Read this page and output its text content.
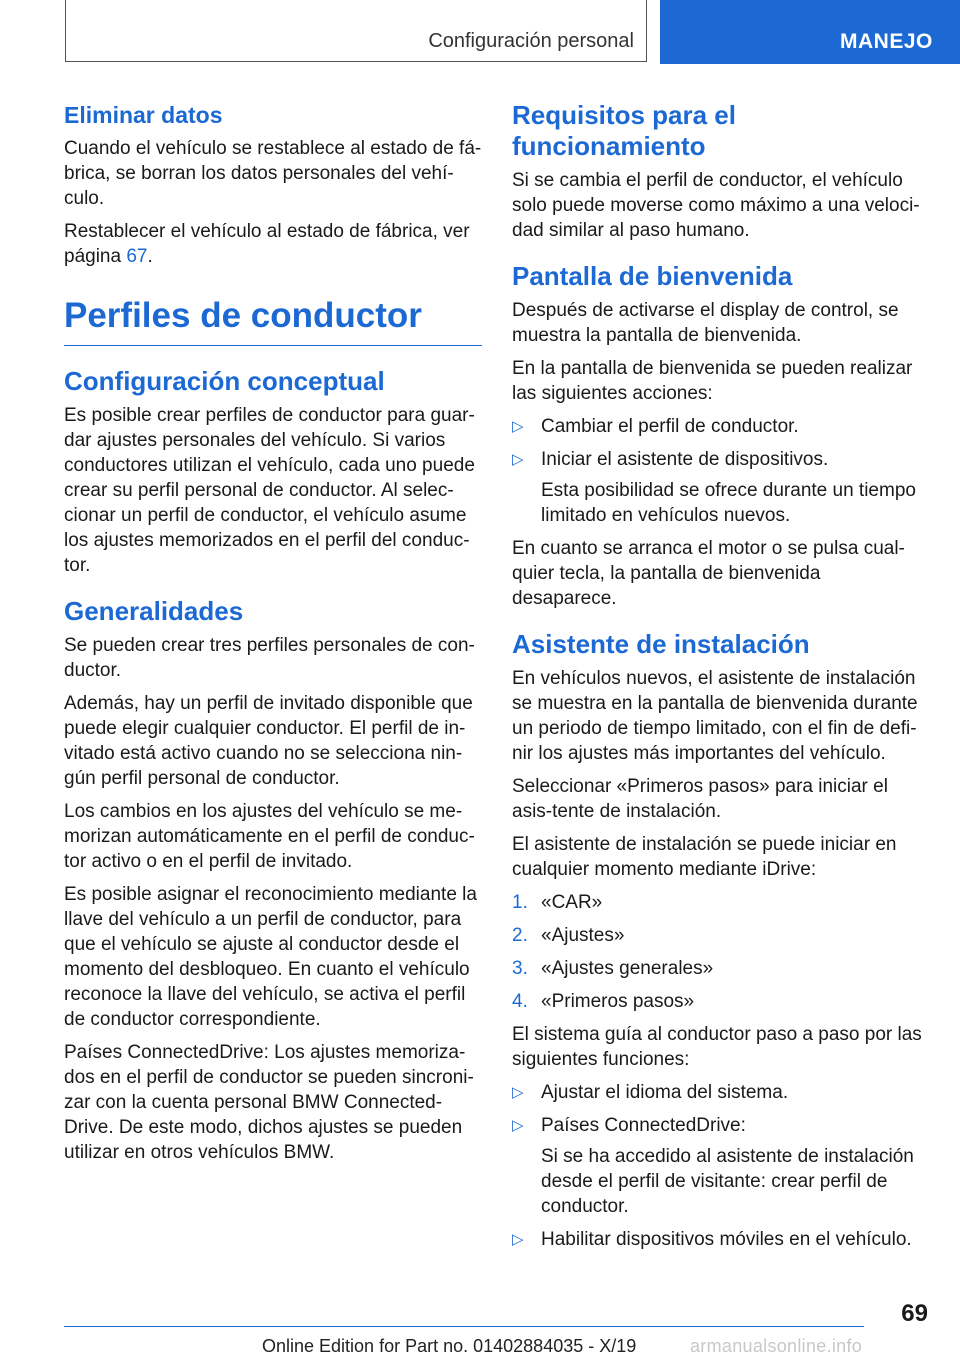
Configuración personal	MANEJO
Eliminar datos

Cuando el vehículo se restablece al estado de fá-brica, se borran los datos personales del vehí-culo.

Restablecer el vehículo al estado de fábrica, ver página 67.

Perfiles de conductor
Configuración conceptual

Es posible crear perfiles de conductor para guar-dar ajustes personales del vehículo. Si varios conductores utilizan el vehículo, cada uno puede crear su perfil personal de conductor. Al selec-cionar un perfil de conductor, el vehículo asume los ajustes memorizados en el perfil del conduc-tor.

Generalidades

Se pueden crear tres perfiles personales de con-ductor.

Además, hay un perfil de invitado disponible que puede elegir cualquier conductor. El perfil de in-vitado está activo cuando no se selecciona nin-gún perfil personal de conductor.

Los cambios en los ajustes del vehículo se me-morizan automáticamente en el perfil de conduc-tor activo o en el perfil de invitado.

Es posible asignar el reconocimiento mediante la llave del vehículo a un perfil de conductor, para que el vehículo se ajuste al conductor desde el momento del desbloqueo. En cuanto el vehículo reconoce la llave del vehículo, se activa el perfil de conductor correspondiente.

Países ConnectedDrive: Los ajustes memoriza-dos en el perfil de conductor se pueden sincroni-zar con la cuenta personal BMW Connected-Drive. De este modo, dichos ajustes se pueden utilizar en otros vehículos BMW.

Requisitos para el funcionamiento

Si se cambia el perfil de conductor, el vehículo solo puede moverse como máximo a una veloci-dad similar al paso humano.

Pantalla de bienvenida

Después de activarse el display de control, se muestra la pantalla de bienvenida.

En la pantalla de bienvenida se pueden realizar las siguientes acciones:

▷ Cambiar el perfil de conductor.
▷ Iniciar el asistente de dispositivos.

Esta posibilidad se ofrece durante un tiempo limitado en vehículos nuevos.

En cuanto se arranca el motor o se pulsa cual-quier tecla, la pantalla de bienvenida desaparece.

Asistente de instalación

En vehículos nuevos, el asistente de instalación se muestra en la pantalla de bienvenida durante un periodo de tiempo limitado, con el fin de defi-nir los ajustes más importantes del vehículo.

Seleccionar «Primeros pasos» para iniciar el asis-tente de instalación.

El asistente de instalación se puede iniciar en cualquier momento mediante iDrive:

1. «CAR»
2. «Ajustes»
3. «Ajustes generales»
4. «Primeros pasos»

El sistema guía al conductor paso a paso por las siguientes funciones:

▷ Ajustar el idioma del sistema.
▷ Países ConnectedDrive:

Si se ha accedido al asistente de instalación desde el perfil de visitante: crear perfil de conductor.

▷ Habilitar dispositivos móviles en el vehículo.
69
Online Edition for Part no. 01402884035 - X/19	armanualsonline.info
